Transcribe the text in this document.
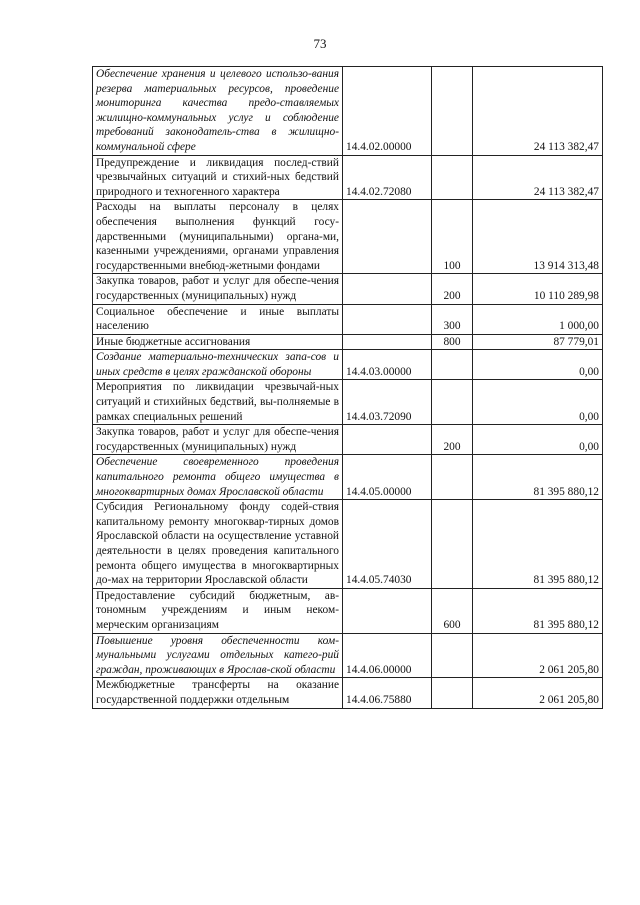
73
Обеспечение хранения и целевого использо-вания резерва материальных ресурсов, проведение мониторинга качества предо-ставляемых жилищно-коммунальных услуг и соблюдение требований законодатель-ства в жилищно-коммунальной сфере	14.4.02.00000		24 113 382,47
Предупреждение и ликвидация послед-ствий чрезвычайных ситуаций и стихий-ных бедствий природного и техногенного характера	14.4.02.72080		24 113 382,47
Расходы на выплаты персоналу в целях обеспечения выполнения функций госу-дарственными (муниципальными) органа-ми, казенными учреждениями, органами управления государственными внебюд-жетными фондами		100	13 914 313,48
Закупка товаров, работ и услуг для обеспе-чения государственных (муниципальных) нужд		200	10 110 289,98
Социальное обеспечение и иные выплаты населению		300	1 000,00
Иные бюджетные ассигнования		800	87 779,01
Создание материально-технических запа-сов и иных средств в целях гражданской обороны	14.4.03.00000		0,00
Мероприятия по ликвидации чрезвычай-ных ситуаций и стихийных бедствий, вы-полняемые в рамках специальных решений	14.4.03.72090		0,00
Закупка товаров, работ и услуг для обеспе-чения государственных (муниципальных) нужд		200	0,00
Обеспечение своевременного проведения капитального ремонта общего имущества в многоквартирных домах Ярославской области	14.4.05.00000		81 395 880,12
Субсидия Региональному фонду содей-ствия капитальному ремонту многоквар-тирных домов Ярославской области на осуществление уставной деятельности в целях проведения капитального ремонта общего имущества в многоквартирных до-мах на территории Ярославской области	14.4.05.74030		81 395 880,12
Предоставление субсидий бюджетным, ав-тономным учреждениям и иным неком-мерческим организациям		600	81 395 880,12
Повышение уровня обеспеченности ком-мунальными услугами отдельных катего-рий граждан, проживающих в Ярослав-ской области	14.4.06.00000		2 061 205,80
Межбюджетные трансферты на оказание государственной поддержки отдельным	14.4.06.75880		2 061 205,80
